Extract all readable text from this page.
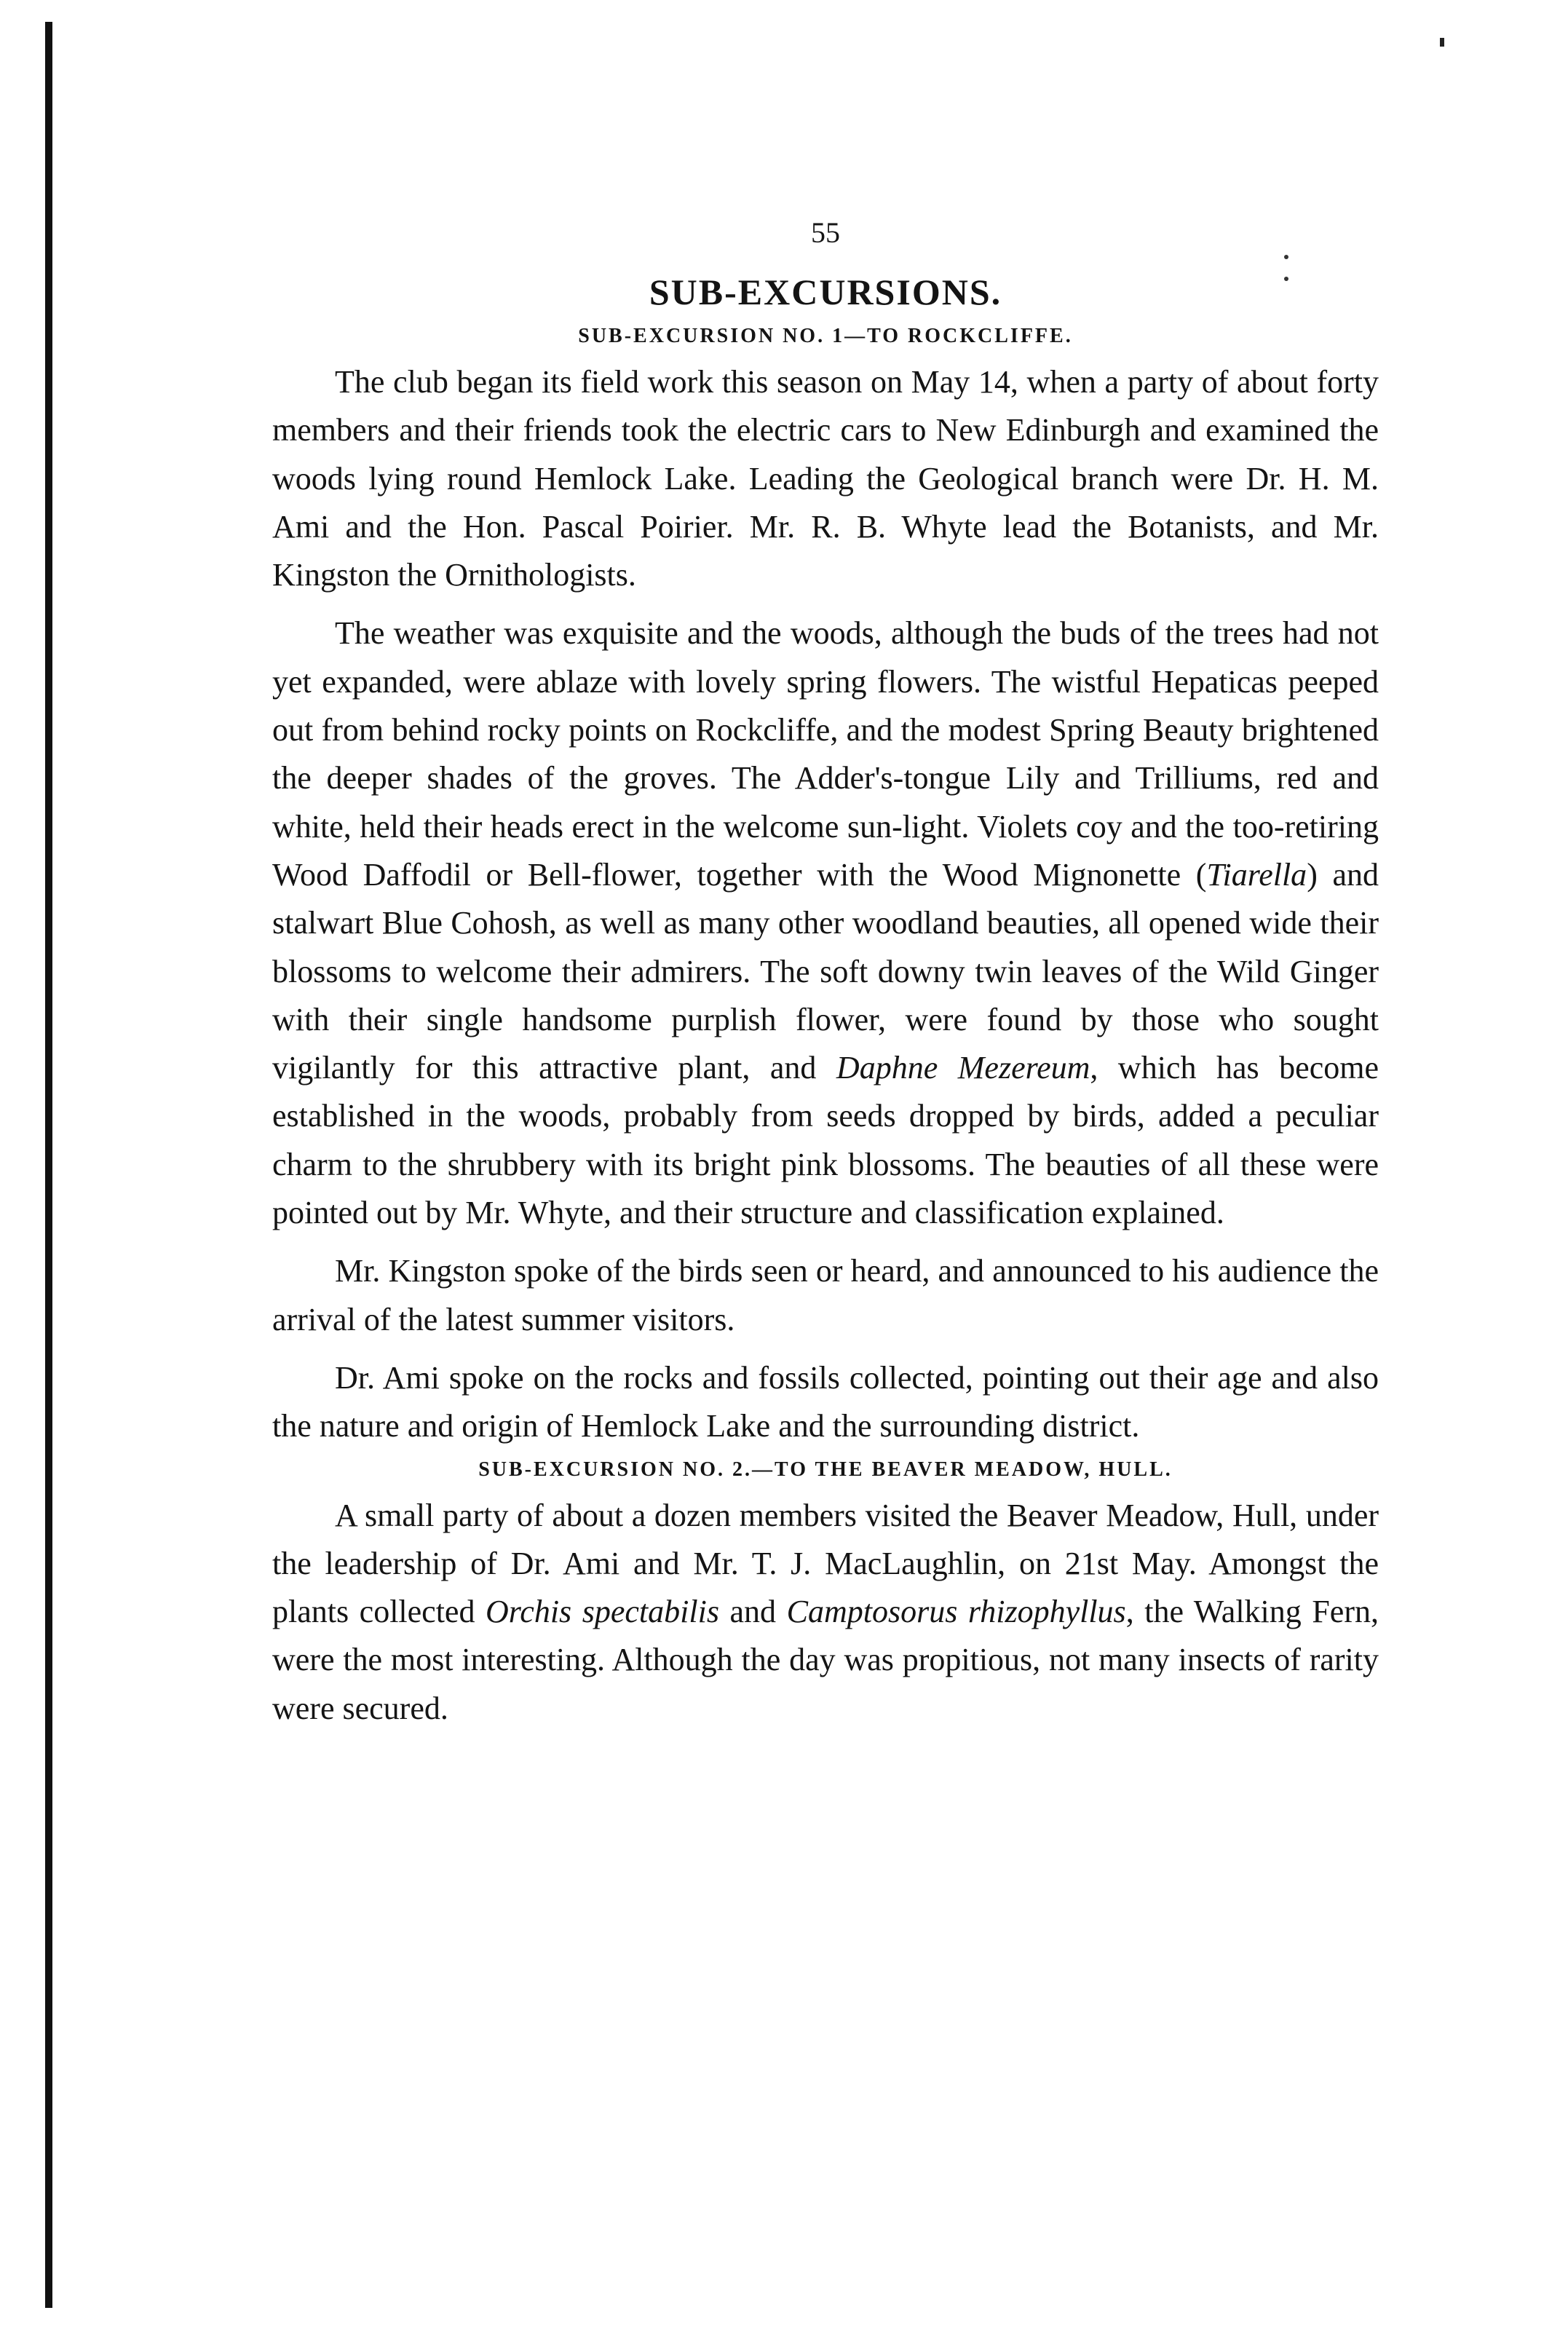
55
SUB-EXCURSIONS.
SUB-EXCURSION NO. 1—TO ROCKCLIFFE.

The club began its field work this season on May 14, when a party of about forty members and their friends took the electric cars to New Edinburgh and examined the woods lying round Hemlock Lake. Leading the Geological branch were Dr. H. M. Ami and the Hon. Pascal Poirier. Mr. R. B. Whyte lead the Botanists, and Mr. Kingston the Ornithologists.

The weather was exquisite and the woods, although the buds of the trees had not yet expanded, were ablaze with lovely spring flowers. The wistful Hepaticas peeped out from behind rocky points on Rockcliffe, and the modest Spring Beauty brightened the deeper shades of the groves. The Adder's-tongue Lily and Trilliums, red and white, held their heads erect in the welcome sun-light. Violets coy and the too-retiring Wood Daffodil or Bell-flower, together with the Wood Mignonette (Tiarella) and stalwart Blue Cohosh, as well as many other woodland beauties, all opened wide their blossoms to welcome their admirers. The soft downy twin leaves of the Wild Ginger with their single handsome purplish flower, were found by those who sought vigilantly for this attractive plant, and Daphne Mezereum, which has become established in the woods, probably from seeds dropped by birds, added a peculiar charm to the shrubbery with its bright pink blossoms. The beauties of all these were pointed out by Mr. Whyte, and their structure and classification explained.

Mr. Kingston spoke of the birds seen or heard, and announced to his audience the arrival of the latest summer visitors.

Dr. Ami spoke on the rocks and fossils collected, pointing out their age and also the nature and origin of Hemlock Lake and the surrounding district.

SUB-EXCURSION NO. 2.—TO THE BEAVER MEADOW, HULL.

A small party of about a dozen members visited the Beaver Meadow, Hull, under the leadership of Dr. Ami and Mr. T. J. MacLaughlin, on 21st May. Amongst the plants collected Orchis spectabilis and Camptosorus rhizophyllus, the Walking Fern, were the most interesting. Although the day was propitious, not many insects of rarity were secured.
